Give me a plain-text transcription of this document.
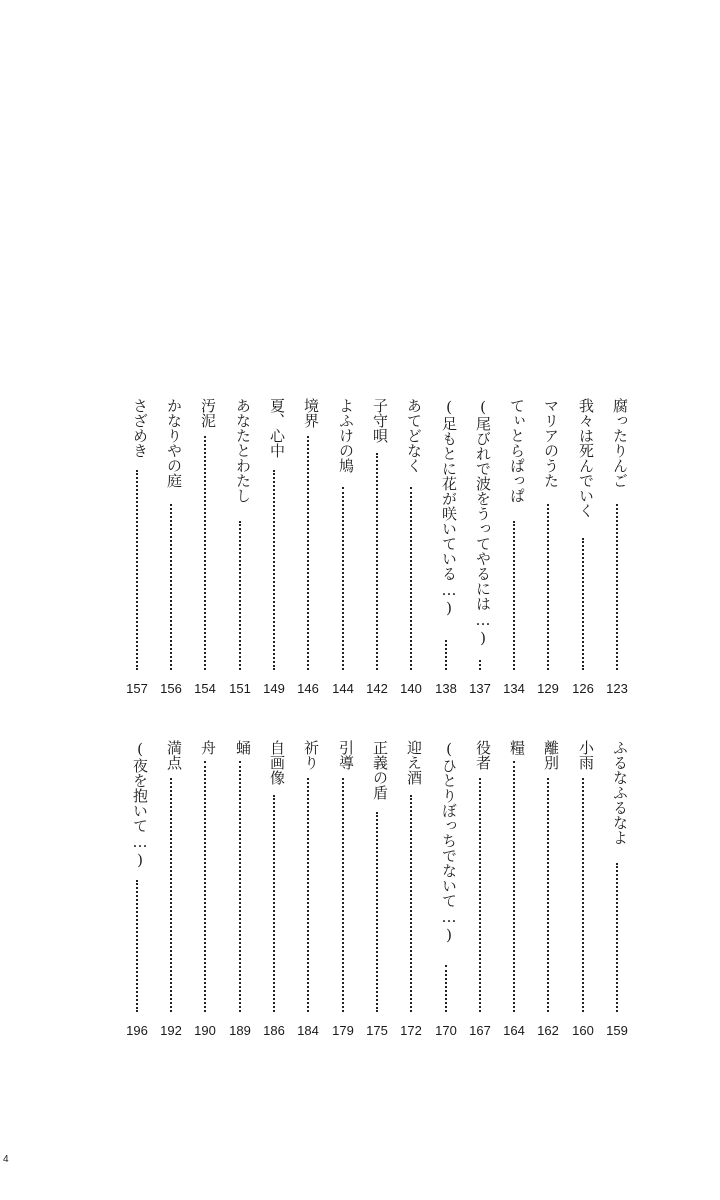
腐ったりんご
123
我々は死んでいく
126
マリアのうた
129
てぃとらぱっぱ
134
(尾びれで波をうってやるには…)
137
(足もとに花が咲いている…)
138
あてどなく
140
子守唄
142
よふけの鳩
144
境界
146
夏、心中
149
あなたとわたし
151
汚泥
154
かなりやの庭
156
さざめき
157
ふるなふるなよ
159
小雨
160
離別
162
糧
164
役者
167
(ひとりぼっちでないて…)
170
迎え酒
172
正義の盾
175
引導
179
祈り
184
自画像
186
蛹
189
舟
190
満点
192
(夜を抱いて…)
196
4
